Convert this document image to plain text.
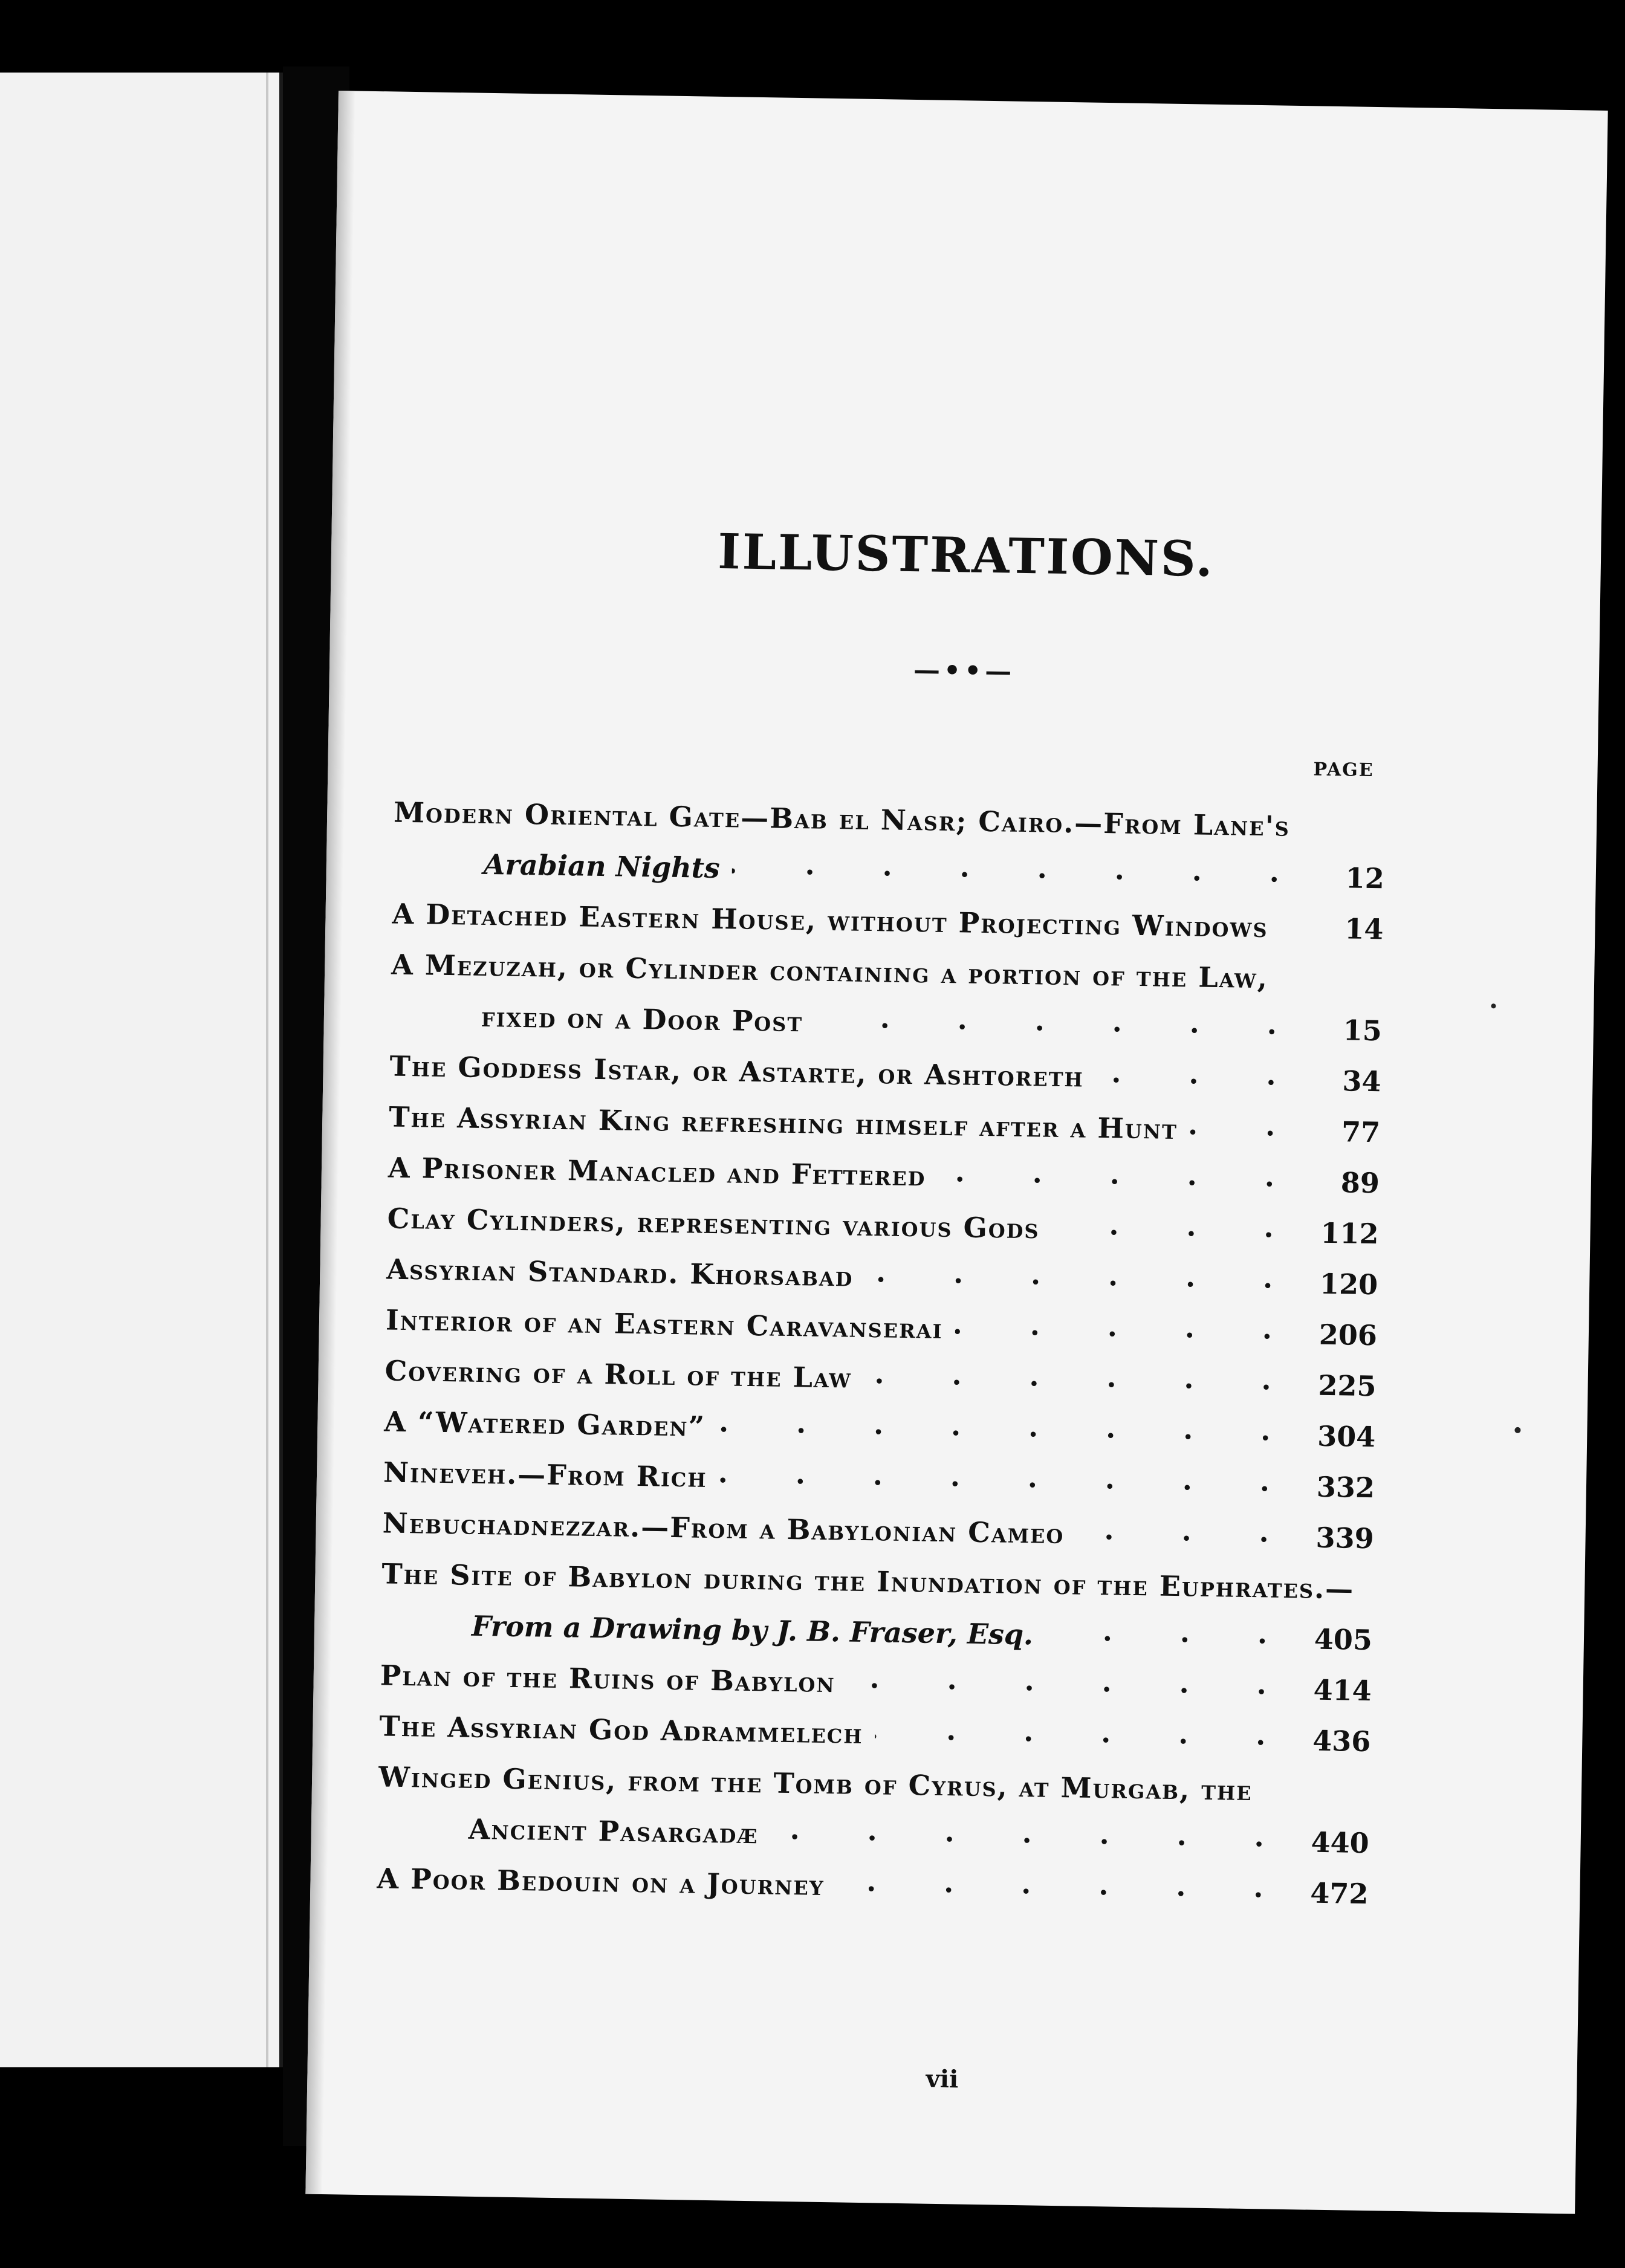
ILLUSTRATIONS.
—••—
PAGE
Modern Oriental Gate—Bab el Nasr; Cairo.—From Lane's
Arabian Nights . . .	12
A Detached Eastern House, without Projecting Windows . . .	14
A Mezuzah, or Cylinder containing a portion of the Law,
fixed on a Door Post . . .	15
The Goddess Istar, or Astarte, or Ashtoreth . . .	34
The Assyrian King refreshing himself after a Hunt . . .	77
A Prisoner Manacled and Fettered . . .	89
Clay Cylinders, representing various Gods . . .	112
Assyrian Standard. Khorsabad . . .	120
Interior of an Eastern Caravanserai . . .	206
Covering of a Roll of the Law . . .	225
A “Watered Garden” . . .	304
Nineveh.—From Rich . . .	332
Nebuchadnezzar.—From a Babylonian Cameo . . .	339
The Site of Babylon during the Inundation of the Euphrates.—
From a Drawing by J. B. Fraser, Esq. . . .	405
Plan of the Ruins of Babylon . . .	414
The Assyrian God Adrammelech . . .	436
Winged Genius, from the Tomb of Cyrus, at Murgab, the
Ancient Pasargadæ . . .	440
A Poor Bedouin on a Journey . . .	472
vii
